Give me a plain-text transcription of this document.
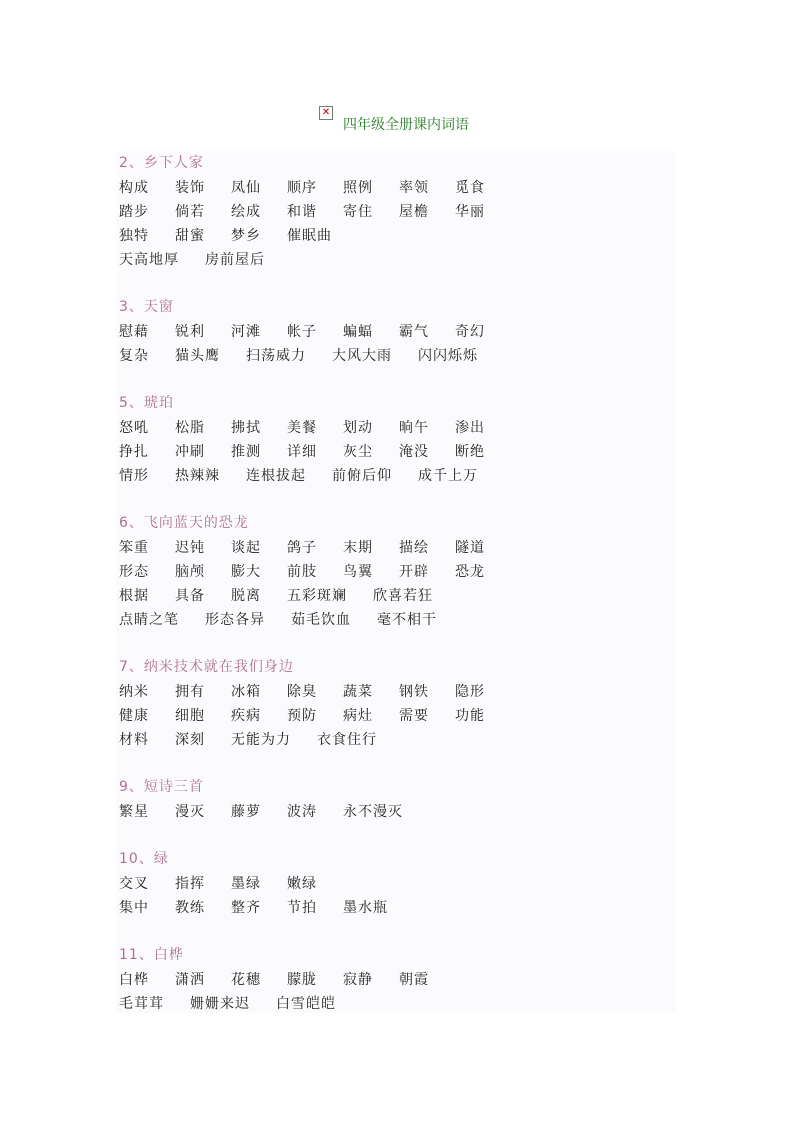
✕
四年级全册课内词语
2、乡下人家
构成 装饰 凤仙 顺序 照例 率领 觅食
踏步 倘若 绘成 和谐 寄住 屋檐 华丽
独特 甜蜜 梦乡 催眠曲
天高地厚 房前屋后
3、天窗
慰藉 锐利 河滩 帐子 蝙蝠 霸气 奇幻
复杂 猫头鹰 扫荡威力 大风大雨 闪闪烁烁
5、琥珀
怒吼 松脂 拂拭 美餐 划动 晌午 渗出
挣扎 冲刷 推测 详细 灰尘 淹没 断绝
情形 热辣辣 连根拔起 前俯后仰 成千上万
6、飞向蓝天的恐龙
笨重 迟钝 谈起 鸽子 末期 描绘 隧道
形态 脑颅 膨大 前肢 鸟翼 开辟 恐龙
根据 具备 脱离 五彩斑斓 欣喜若狂
点睛之笔 形态各异 茹毛饮血 毫不相干
7、纳米技术就在我们身边
纳米 拥有 冰箱 除臭 蔬菜 钢铁 隐形
健康 细胞 疾病 预防 病灶 需要 功能
材料 深刻 无能为力 衣食住行
9、短诗三首
繁星 漫灭 藤萝 波涛 永不漫灭
10、绿
交叉 指挥 墨绿 嫩绿
集中 教练 整齐 节拍 墨水瓶
11、白桦
白桦 潇洒 花穗 朦胧 寂静 朝霞
毛茸茸 姗姗来迟 白雪皑皑
